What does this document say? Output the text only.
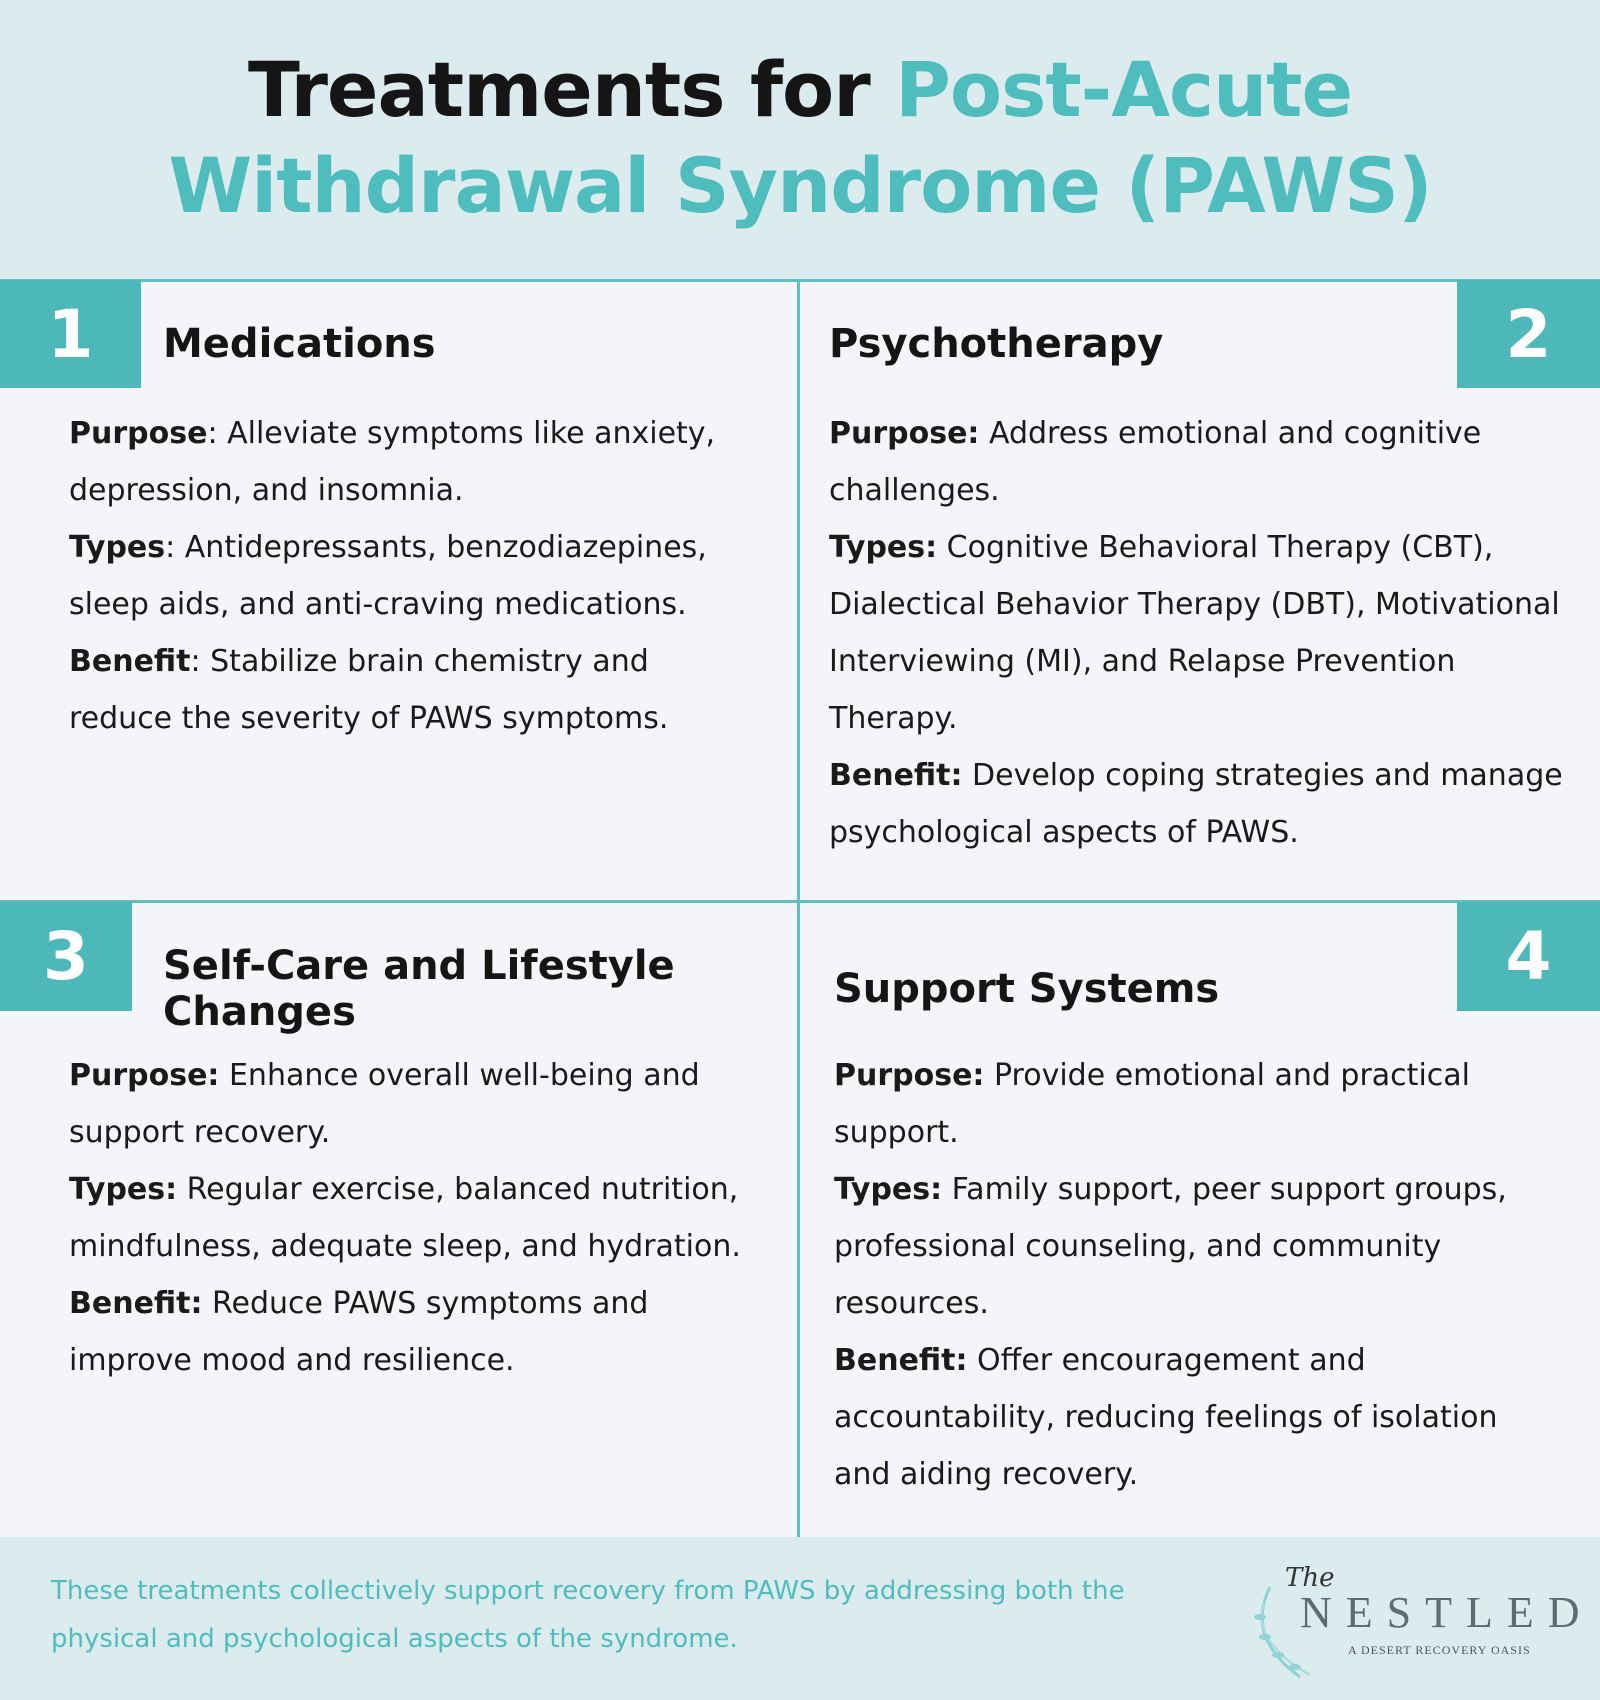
Treatments for Post-Acute
Withdrawal Syndrome (PAWS)
1	Medications
Purpose: Alleviate symptoms like anxiety, depression, and insomnia.
Types: Antidepressants, benzodiazepines, sleep aids, and anti-craving medications.
Benefit: Stabilize brain chemistry and reduce the severity of PAWS symptoms.
2
Psychotherapy
Purpose: Address emotional and cognitive challenges.
Types: Cognitive Behavioral Therapy (CBT), Dialectical Behavior Therapy (DBT), Motivational Interviewing (MI), and Relapse Prevention Therapy.
Benefit: Develop coping strategies and manage psychological aspects of PAWS.
3	Self-Care and Lifestyle Changes
Purpose: Enhance overall well-being and support recovery.
Types: Regular exercise, balanced nutrition, mindfulness, adequate sleep, and hydration.
Benefit: Reduce PAWS symptoms and improve mood and resilience.
4
Support Systems
Purpose: Provide emotional and practical support.
Types: Family support, peer support groups, professional counseling, and community resources.
Benefit: Offer encouragement and accountability, reducing feelings of isolation and aiding recovery.
These treatments collectively support recovery from PAWS by addressing both the physical and psychological aspects of the syndrome.
The
NESTLED
A DESERT RECOVERY OASIS
